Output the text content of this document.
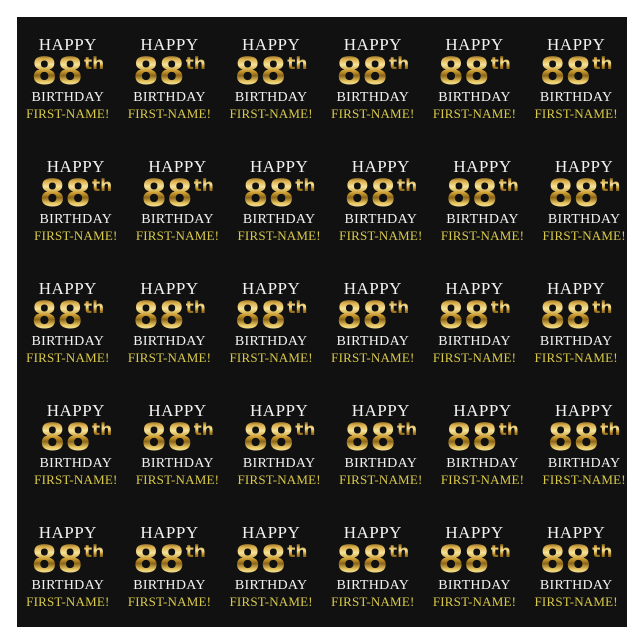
HAPPY
88 th
BIRTHDAY
FIRST-NAME!
HAPPY
88 th
BIRTHDAY
FIRST-NAME!
HAPPY
88 th
BIRTHDAY
FIRST-NAME!
HAPPY
88 th
BIRTHDAY
FIRST-NAME!
HAPPY
88 th
BIRTHDAY
FIRST-NAME!
HAPPY
88 th
BIRTHDAY
FIRST-NAME!
HAPPY
88 th
BIRTHDAY
FIRST-NAME!
HAPPY
88 th
BIRTHDAY
FIRST-NAME!
HAPPY
88 th
BIRTHDAY
FIRST-NAME!
HAPPY
88 th
BIRTHDAY
FIRST-NAME!
HAPPY
88 th
BIRTHDAY
FIRST-NAME!
HAPPY
88 th
BIRTHDAY
FIRST-NAME!
HAPPY
88 th
BIRTHDAY
FIRST-NAME!
HAPPY
88 th
BIRTHDAY
FIRST-NAME!
HAPPY
88 th
BIRTHDAY
FIRST-NAME!
HAPPY
88 th
BIRTHDAY
FIRST-NAME!
HAPPY
88 th
BIRTHDAY
FIRST-NAME!
HAPPY
88 th
BIRTHDAY
FIRST-NAME!
HAPPY
88 th
BIRTHDAY
FIRST-NAME!
HAPPY
88 th
BIRTHDAY
FIRST-NAME!
HAPPY
88 th
BIRTHDAY
FIRST-NAME!
HAPPY
88 th
BIRTHDAY
FIRST-NAME!
HAPPY
88 th
BIRTHDAY
FIRST-NAME!
HAPPY
88 th
BIRTHDAY
FIRST-NAME!
HAPPY
88 th
BIRTHDAY
FIRST-NAME!
HAPPY
88 th
BIRTHDAY
FIRST-NAME!
HAPPY
88 th
BIRTHDAY
FIRST-NAME!
HAPPY
88 th
BIRTHDAY
FIRST-NAME!
HAPPY
88 th
BIRTHDAY
FIRST-NAME!
HAPPY
88 th
BIRTHDAY
FIRST-NAME!
